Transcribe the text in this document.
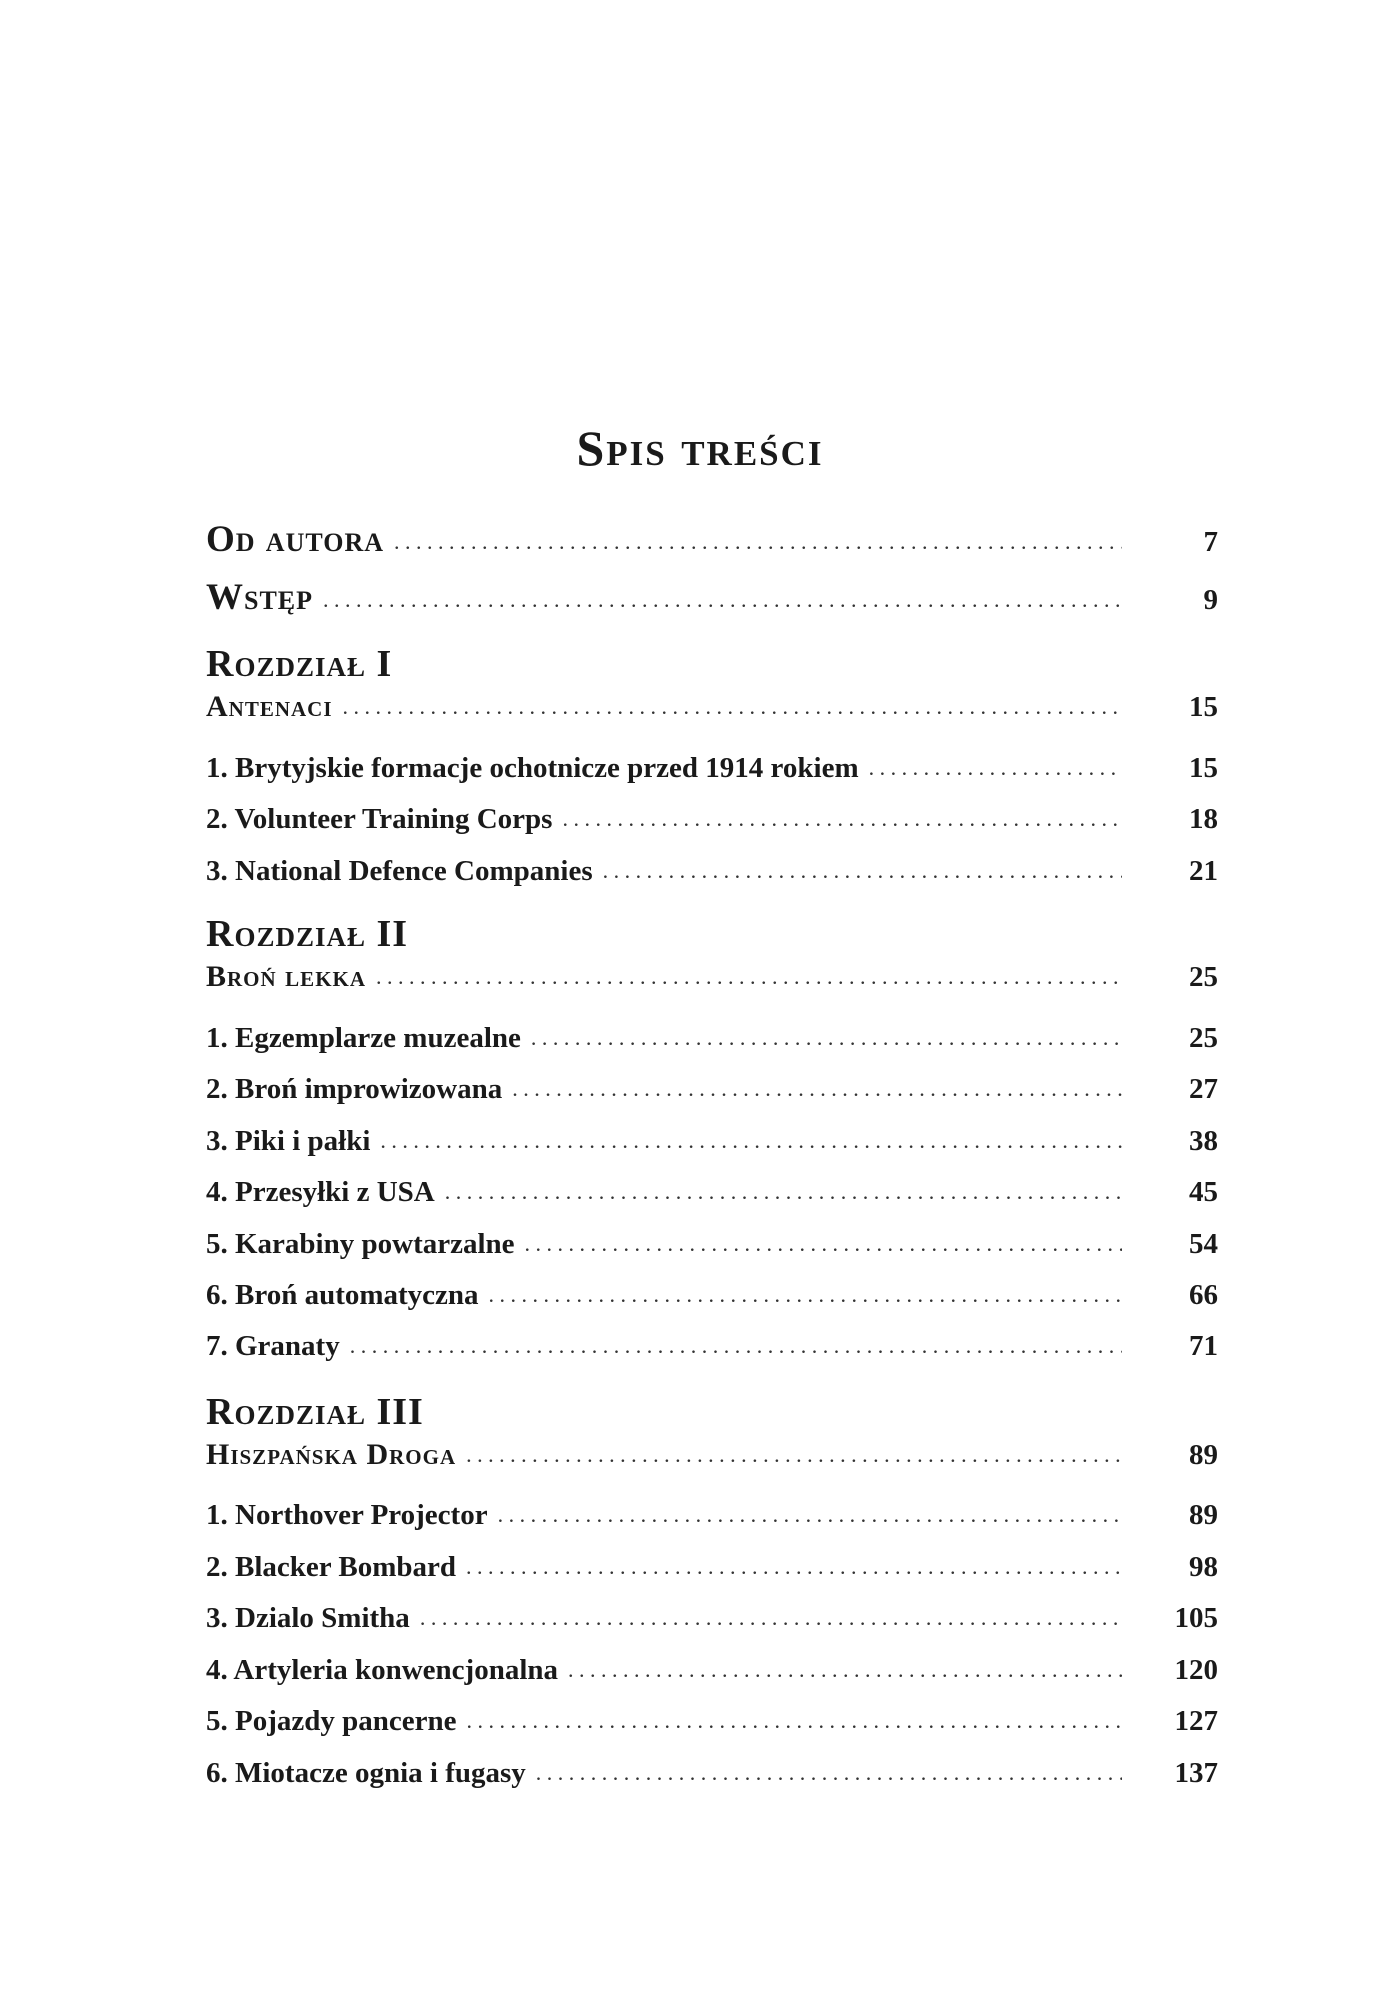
Spis treści
Od autora . . .	7
Wstęp . . .	9
Rozdział I
Antenaci . . .	15
1. Brytyjskie formacje ochotnicze przed 1914 rokiem . . .	15
2. Volunteer Training Corps . . .	18
3. National Defence Companies . . .	21
Rozdział II
Broń lekka . . .	25
1. Egzemplarze muzealne . . .	25
2. Broń improwizowana . . .	27
3. Piki i pałki . . .	38
4. Przesyłki z USA . . .	45
5. Karabiny powtarzalne . . .	54
6. Broń automatyczna . . .	66
7. Granaty . . .	71
Rozdział III
Hiszpańska Droga . . .	89
1. Northover Projector . . .	89
2. Blacker Bombard . . .	98
3. Dzialo Smitha . . .	105
4. Artyleria konwencjonalna . . .	120
5. Pojazdy pancerne . . .	127
6. Miotacze ognia i fugasy . . .	137
